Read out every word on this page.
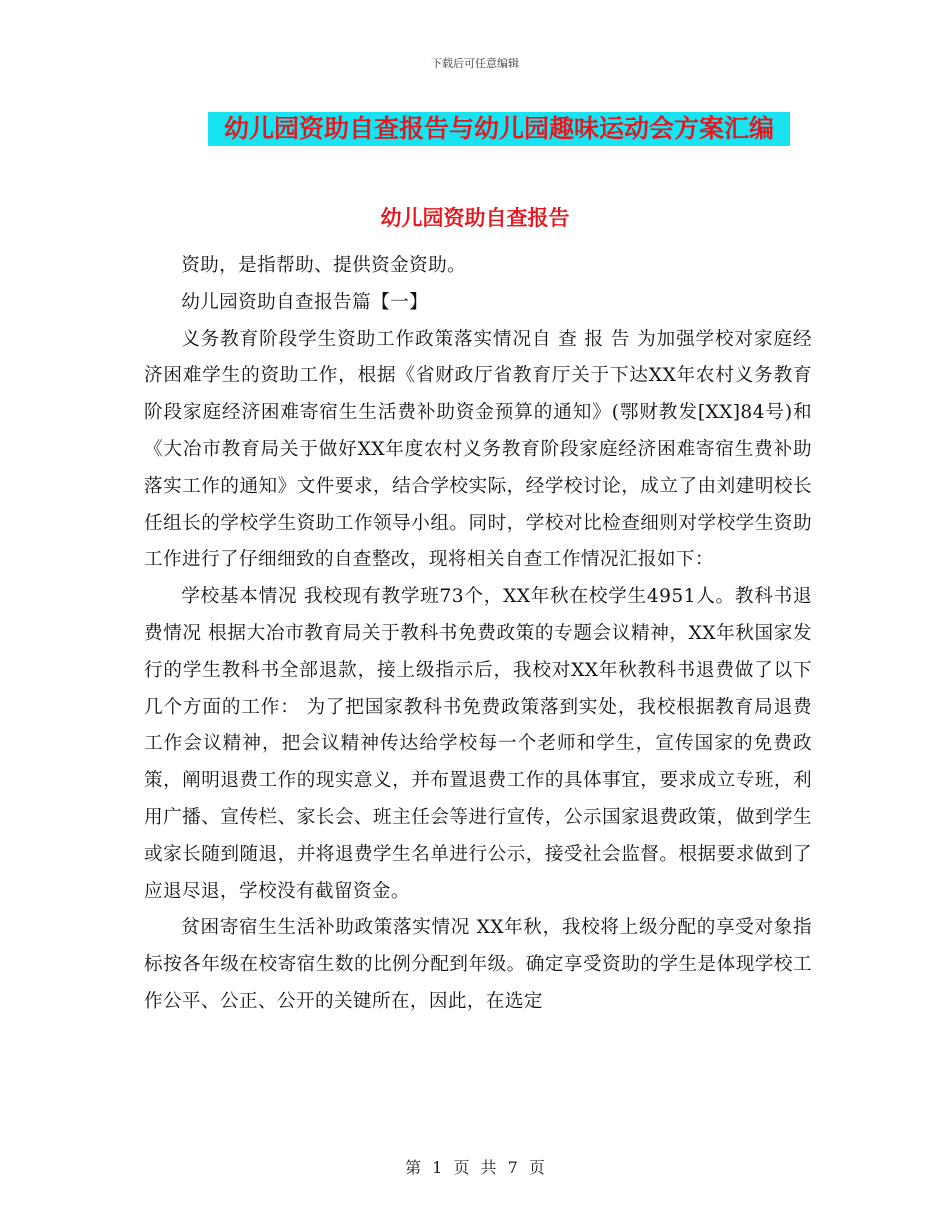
下载后可任意编辑
幼儿园资助自查报告与幼儿园趣味运动会方案汇编
幼儿园资助自查报告

资助，是指帮助、提供资金资助。

幼儿园资助自查报告篇【一】

义务教育阶段学生资助工作政策落实情况自 查 报 告 为加强学校对家庭经济困难学生的资助工作，根据《省财政厅省教育厅关于下达XX年农村义务教育阶段家庭经济困难寄宿生生活费补助资金预算的通知》(鄂财教发[XX]84号)和《大冶市教育局关于做好XX年度农村义务教育阶段家庭经济困难寄宿生费补助落实工作的通知》文件要求，结合学校实际，经学校讨论，成立了由刘建明校长任组长的学校学生资助工作领导小组。同时，学校对比检查细则对学校学生资助工作进行了仔细细致的自查整改，现将相关自查工作情况汇报如下：

学校基本情况 我校现有教学班73个，XX年秋在校学生4951人。教科书退费情况 根据大冶市教育局关于教科书免费政策的专题会议精神，XX年秋国家发行的学生教科书全部退款，接上级指示后，我校对XX年秋教科书退费做了以下几个方面的工作： 为了把国家教科书免费政策落到实处，我校根据教育局退费工作会议精神，把会议精神传达给学校每一个老师和学生，宣传国家的免费政策，阐明退费工作的现实意义，并布置退费工作的具体事宜，要求成立专班，利用广播、宣传栏、家长会、班主任会等进行宣传，公示国家退费政策，做到学生或家长随到随退，并将退费学生名单进行公示，接受社会监督。根据要求做到了应退尽退，学校没有截留资金。

贫困寄宿生生活补助政策落实情况 XX年秋，我校将上级分配的享受对象指标按各年级在校寄宿生数的比例分配到年级。确定享受资助的学生是体现学校工作公平、公正、公开的关键所在，因此，在选定

第 1 页 共 7 页
